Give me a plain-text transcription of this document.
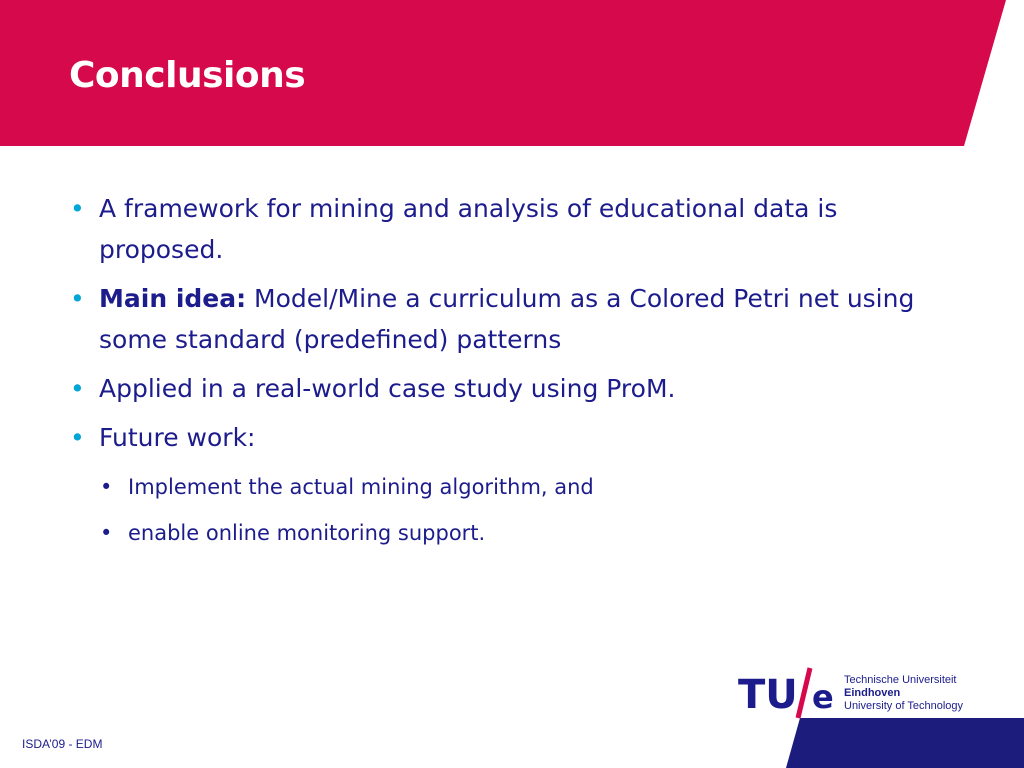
Conclusions
• A framework for mining and analysis of educational data is proposed.
• Main idea: Model/Mine a curriculum as a Colored Petri net using some standard (predefined) patterns
• Applied in a real-world case study using ProM.
• Future work:
• Implement the actual mining algorithm, and
• enable online monitoring support.
TU e Technische Universiteit
Eindhoven
University of Technology
ISDA’09 - EDM
